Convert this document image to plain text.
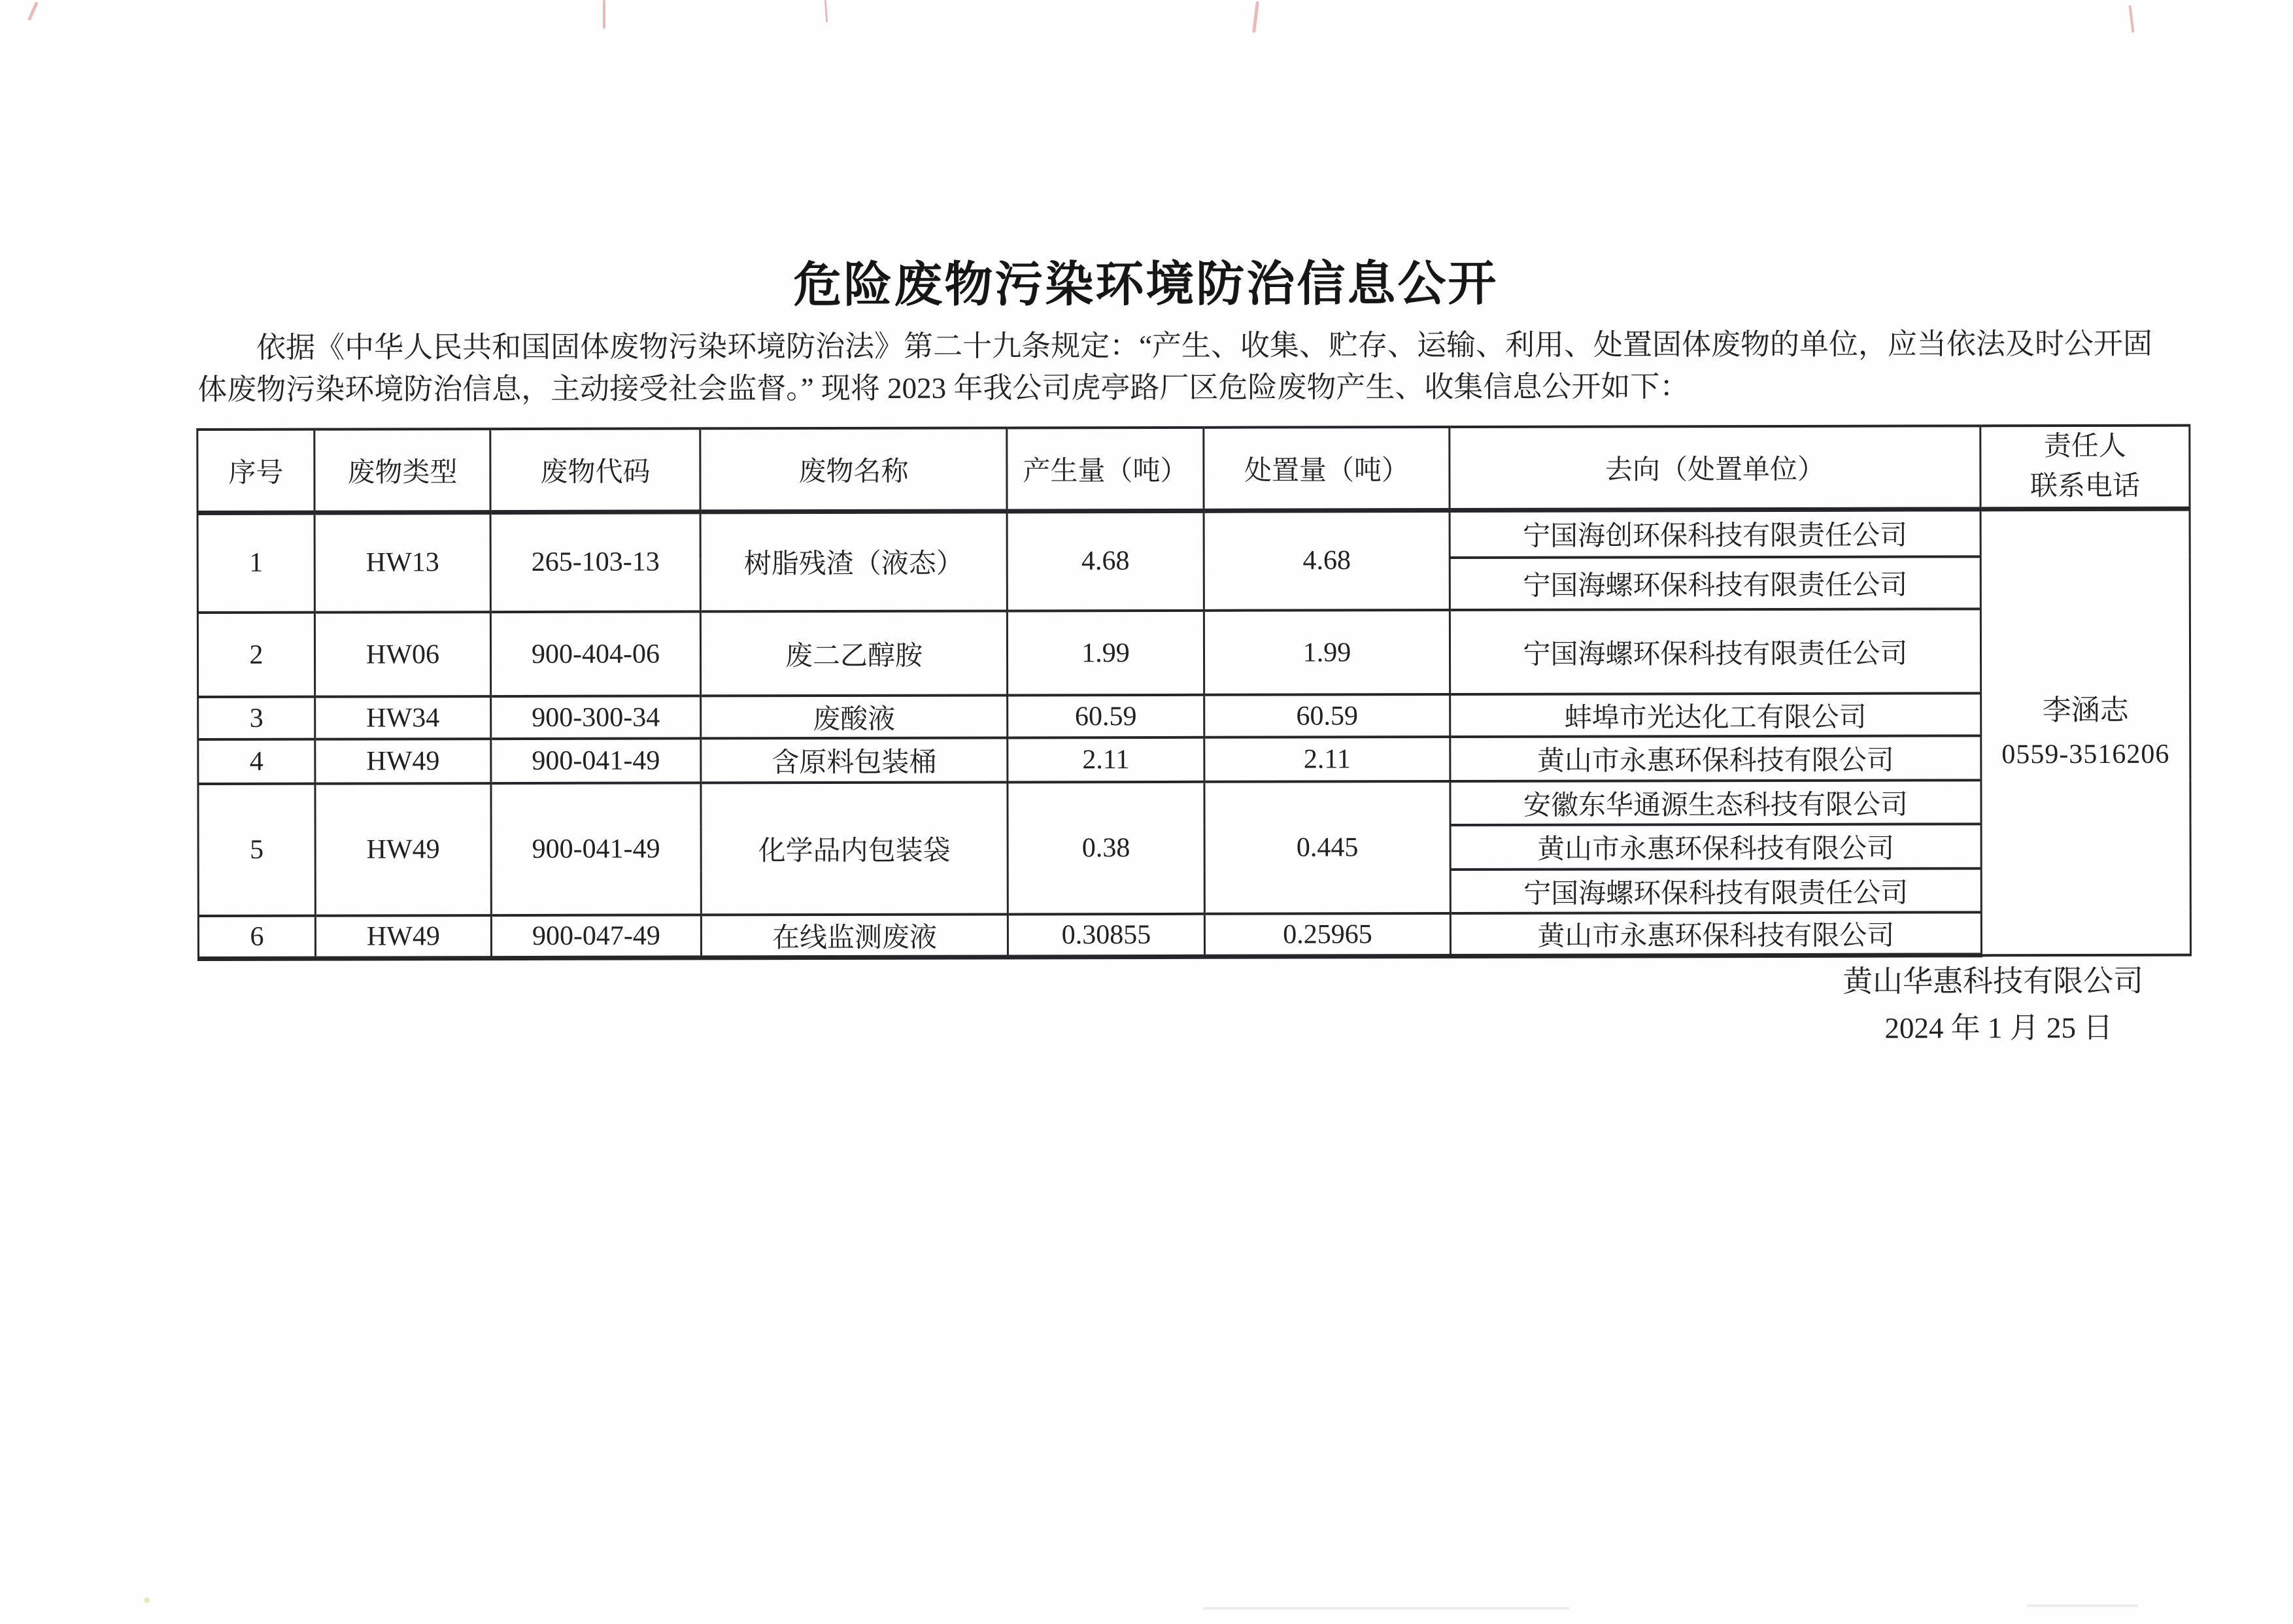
危险废物污染环境防治信息公开

依据《中华人民共和国固体废物污染环境防治法》第二十九条规定：“产生、收集、贮存、运输、利用、处置固体废物的单位，应当依法及时公开固
体废物污染环境防治信息，主动接受社会监督。” 现将 2023 年我公司虎亭路厂区危险废物产生、收集信息公开如下：

序号	废物类型	废物代码	废物名称	产生量（吨）	处置量（吨）	去向（处置单位）	责任人
联系电话
1	HW13	265-103-13	树脂残渣（液态）	4.68	4.68	宁国海创环保科技有限责任公司	李涵志
0559-3516206

						宁国海螺环保科技有限责任公司	
2	HW06	900-404-06	废二乙醇胺	1.99	1.99	宁国海螺环保科技有限责任公司	
3	HW34	900-300-34	废酸液	60.59	60.59	蚌埠市光达化工有限公司	
4	HW49	900-041-49	含原料包装桶	2.11	2.11	黄山市永惠环保科技有限公司	
5	HW49	900-041-49	化学品内包装袋	0.38	0.445	安徽东华通源生态科技有限公司	
						黄山市永惠环保科技有限公司	
						宁国海螺环保科技有限责任公司	
6	HW49	900-047-49	在线监测废液	0.30855	0.25965	黄山市永惠环保科技有限公司	
黄山华惠科技有限公司
2024 年 1 月 25 日
